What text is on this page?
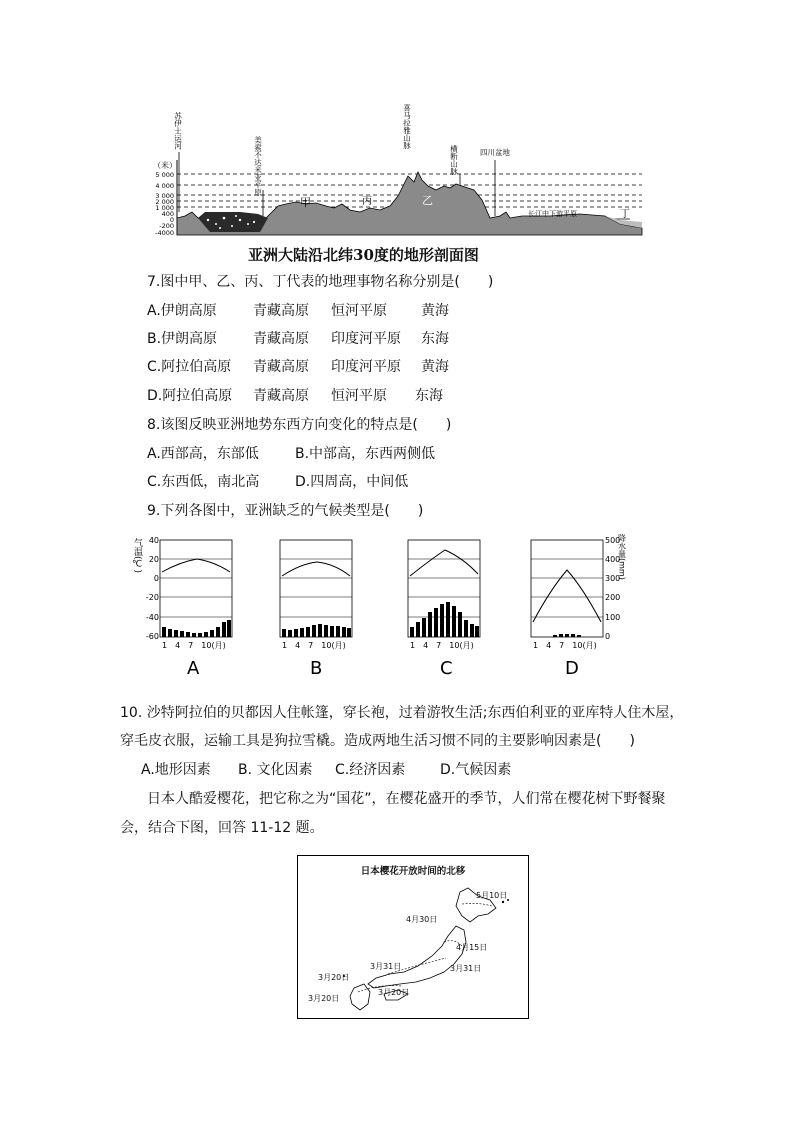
（米）
5 000
4 000
3 000
2 000
1 000
400
0
-200
-4000
苏伊士运河
美索不达米亚平原
喜马拉雅山脉
横断山脉	四川盆地
长江中下游平原
甲	丙	乙
丁
亚洲大陆沿北纬30度的地形剖面图
7.图中甲、乙、丙、丁代表的地理事物名称分别是(　　)
A.伊朗高原	青藏高原 恒河平原 黄海
B.伊朗高原	青藏高原 印度河平原 东海
C.阿拉伯高原 青藏高原 印度河平原 黄海
D.阿拉伯高原 青藏高原 恒河平原 东海
8.该图反映亚洲地势东西方向变化的特点是(　　)
A.西部高，东部低	B.中部高，东西两侧低
C.东西低，南北高	D.四周高，中间低
9.下列各图中，亚洲缺乏的气候类型是(　　)
气温(℃) 40
20
0
-20
-40
-60
500
400
300
200
100
0
降水量(mm)
1　4　7　10(月)
A
1　4　7　10(月)
B
1　4　7　10(月)
C
1　4　7　10(月)
D
10. 沙特阿拉伯的贝都因人住帐篷，穿长袍，过着游牧生活;东西伯利亚的亚库特人住木屋，
穿毛皮衣服，运输工具是狗拉雪橇。造成两地生活习惯不同的主要影响因素是(　　)
A.地形因素 B. 文化因素 C.经济因素 D.气候因素
日本人酷爱樱花，把它称之为“国花”，在樱花盛开的季节，人们常在樱花树下野餐聚
会，结合下图，回答 11-12 题。
日本樱花开放时间的北移
5月10日
4月30日
4月15日
3月31日	3月31日
3月20日
3月20日
3月20日
